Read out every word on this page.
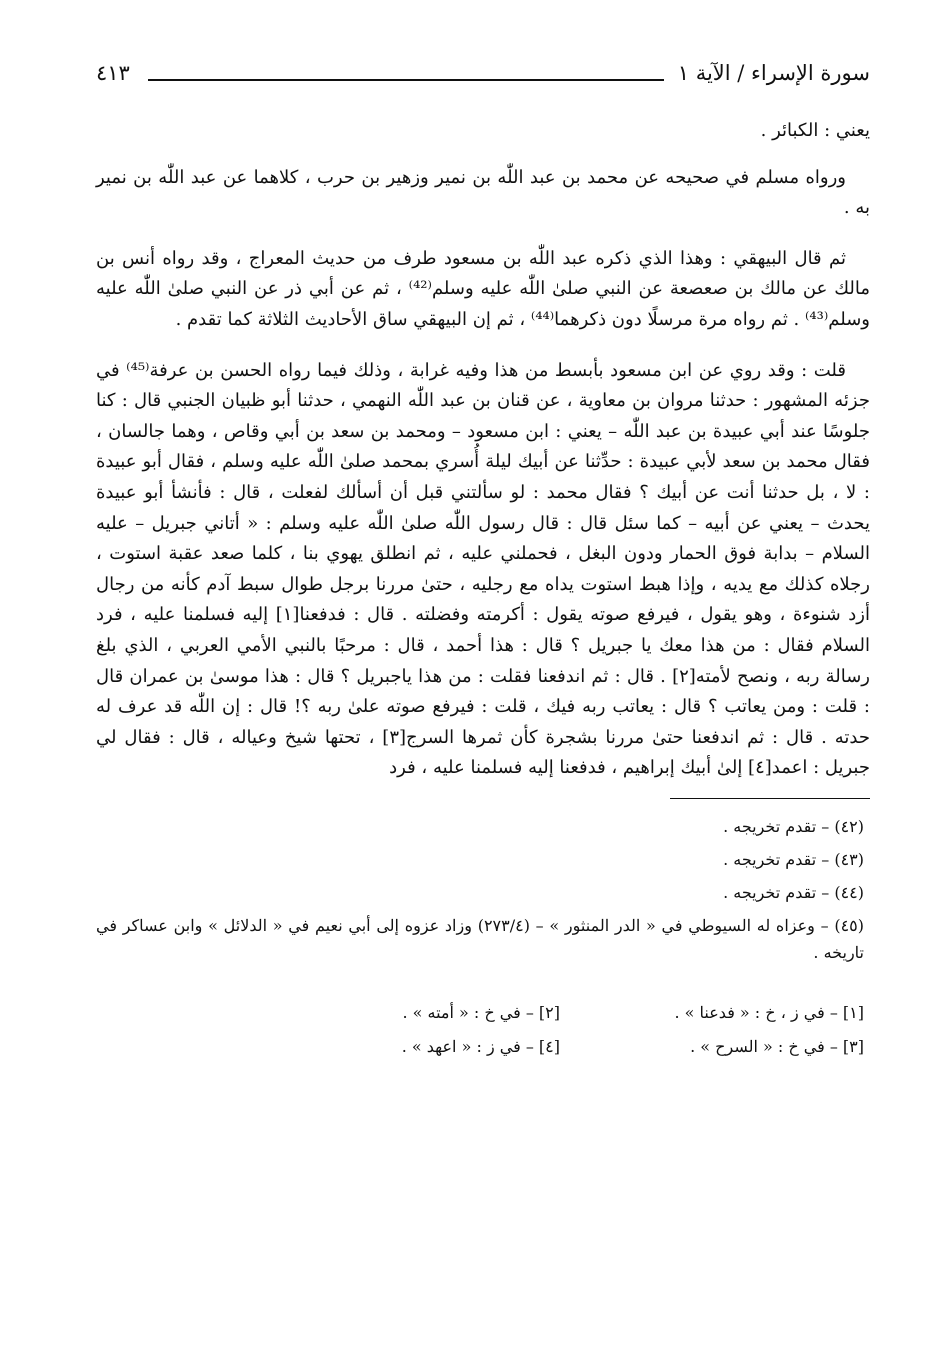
سورة الإسراء / الآية ١
٤١٣

يعني : الكبائر .

ورواه مسلم في صحيحه عن محمد بن عبد اللّٰه بن نمير وزهير بن حرب ، كلاهما عن عبد اللّٰه بن نمير به .

ثم قال البيهقي : وهذا الذي ذكره عبد اللّٰه بن مسعود طرف من حديث المعراج ، وقد رواه أنس بن مالك عن مالك بن صعصعة عن النبي صلىٰ اللّٰه عليه وسلم⁽⁴²⁾ ، ثم عن أبي ذر عن النبي صلىٰ اللّٰه عليه وسلم⁽⁴³⁾ . ثم رواه مرة مرسلًا دون ذكرهما⁽⁴⁴⁾ ، ثم إن البيهقي ساق الأحاديث الثلاثة كما تقدم .

قلت : وقد روي عن ابن مسعود بأبسط من هذا وفيه غرابة ، وذلك فيما رواه الحسن بن عرفة⁽⁴⁵⁾ في جزئه المشهور : حدثنا مروان بن معاوية ، عن قنان بن عبد اللّٰه النهمي ، حدثنا أبو ظبيان الجنبي قال : كنا جلوسًا عند أبي عبيدة بن عبد اللّٰه – يعني : ابن مسعود – ومحمد بن سعد بن أبي وقاص ، وهما جالسان ، فقال محمد بن سعد لأبي عبيدة : حدِّثنا عن أبيك ليلة أُسري بمحمد صلىٰ اللّٰه عليه وسلم ، فقال أبو عبيدة : لا ، بل حدثنا أنت عن أبيك ؟ فقال محمد : لو سألتني قبل أن أسألك لفعلت ، قال : فأنشأ أبو عبيدة يحدث – يعني عن أبيه – كما سئل قال : قال رسول اللّٰه صلىٰ اللّٰه عليه وسلم : « أتاني جبريل – عليه السلام – بدابة فوق الحمار ودون البغل ، فحملني عليه ، ثم انطلق يهوي بنا ، كلما صعد عقبة استوت ، رجلاه كذلك مع يديه ، وإذا هبط استوت يداه مع رجليه ، حتىٰ مررنا برجل طوال سبط آدم كأنه من رجال أزد شنوءة ، وهو يقول ، فيرفع صوته يقول : أكرمته وفضلته . قال : فدفعنا[١] إليه فسلمنا عليه ، فرد السلام فقال : من هذا معك يا جبريل ؟ قال : هذا أحمد ، قال : مرحبًا بالنبي الأمي العربي ، الذي بلغ رسالة ربه ، ونصح لأمته[٢] . قال : ثم اندفعنا فقلت : من هذا ياجبريل ؟ قال : هذا موسىٰ بن عمران قال : قلت : ومن يعاتب ؟ قال : يعاتب ربه فيك ، قلت : فيرفع صوته علىٰ ربه ؟! قال : إن اللّٰه قد عرف له حدته . قال : ثم اندفعنا حتىٰ مررنا بشجرة كأن ثمرها السرج[٣] ، تحتها شيخ وعياله ، قال : فقال لي جبريل : اعمد[٤] إلىٰ أبيك إبراهيم ، فدفعنا إليه فسلمنا عليه ، فرد

(٤٢) – تقدم تخريجه .
(٤٣) – تقدم تخريجه .
(٤٤) – تقدم تخريجه .
(٤٥) – وعزاه له السيوطي في « الدر المنثور » – (٢٧٣/٤) وزاد عزوه إلى أبي نعيم في « الدلائل » وابن عساكر في تاريخه .
[١] – في ز ، خ : « فدعنا » .
[٢] – في خ : « أمته » .
[٣] – في خ : « السرح » .
[٤] – في ز : « اعهد » .
